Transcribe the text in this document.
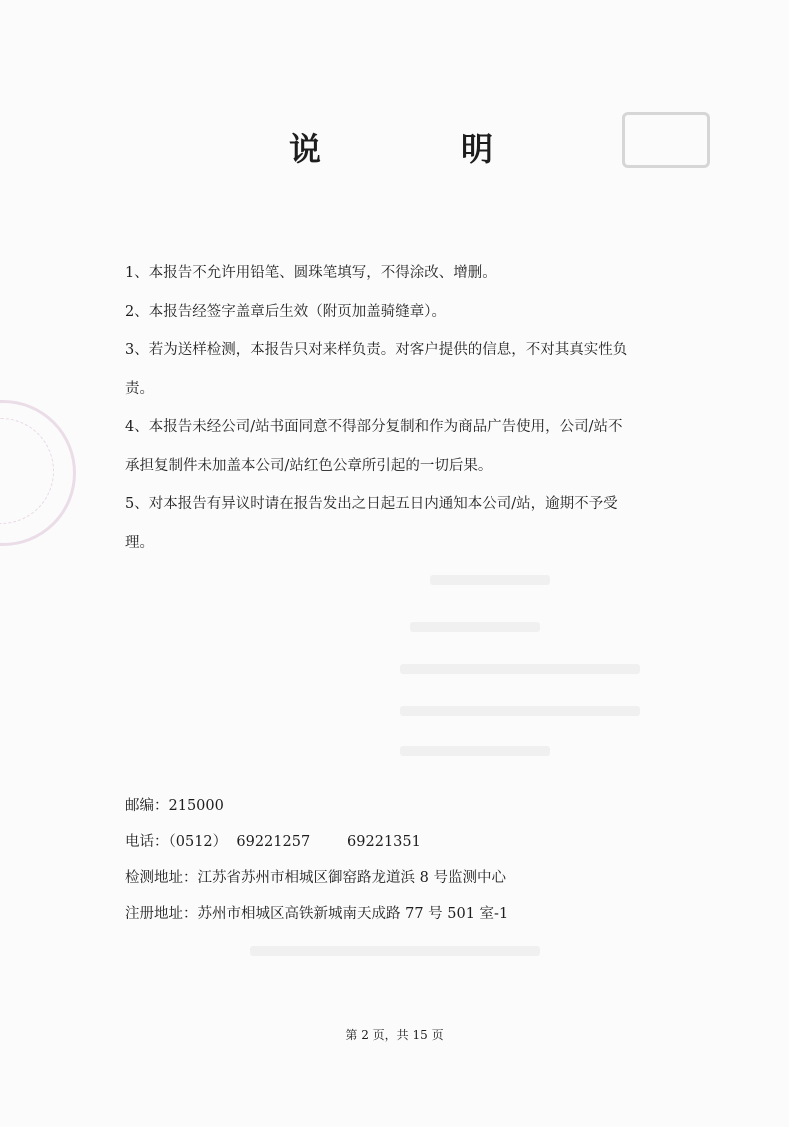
说	明

1、本报告不允许用铅笔、圆珠笔填写，不得涂改、增删。

2、本报告经签字盖章后生效（附页加盖骑缝章）。

3、若为送样检测，本报告只对来样负责。对客户提供的信息，不对其真实性负

责。

4、本报告未经公司/站书面同意不得部分复制和作为商品广告使用，公司/站不

承担复制件未加盖本公司/站红色公章所引起的一切后果。

5、对本报告有异议时请在报告发出之日起五日内通知本公司/站，逾期不予受

理。

邮编：215000

电话：（0512）  69221257        69221351

检测地址：江苏省苏州市相城区御窑路龙道浜 8 号监测中心

注册地址：苏州市相城区高铁新城南天成路 77 号 501 室-1

第 2 页，共 15 页
